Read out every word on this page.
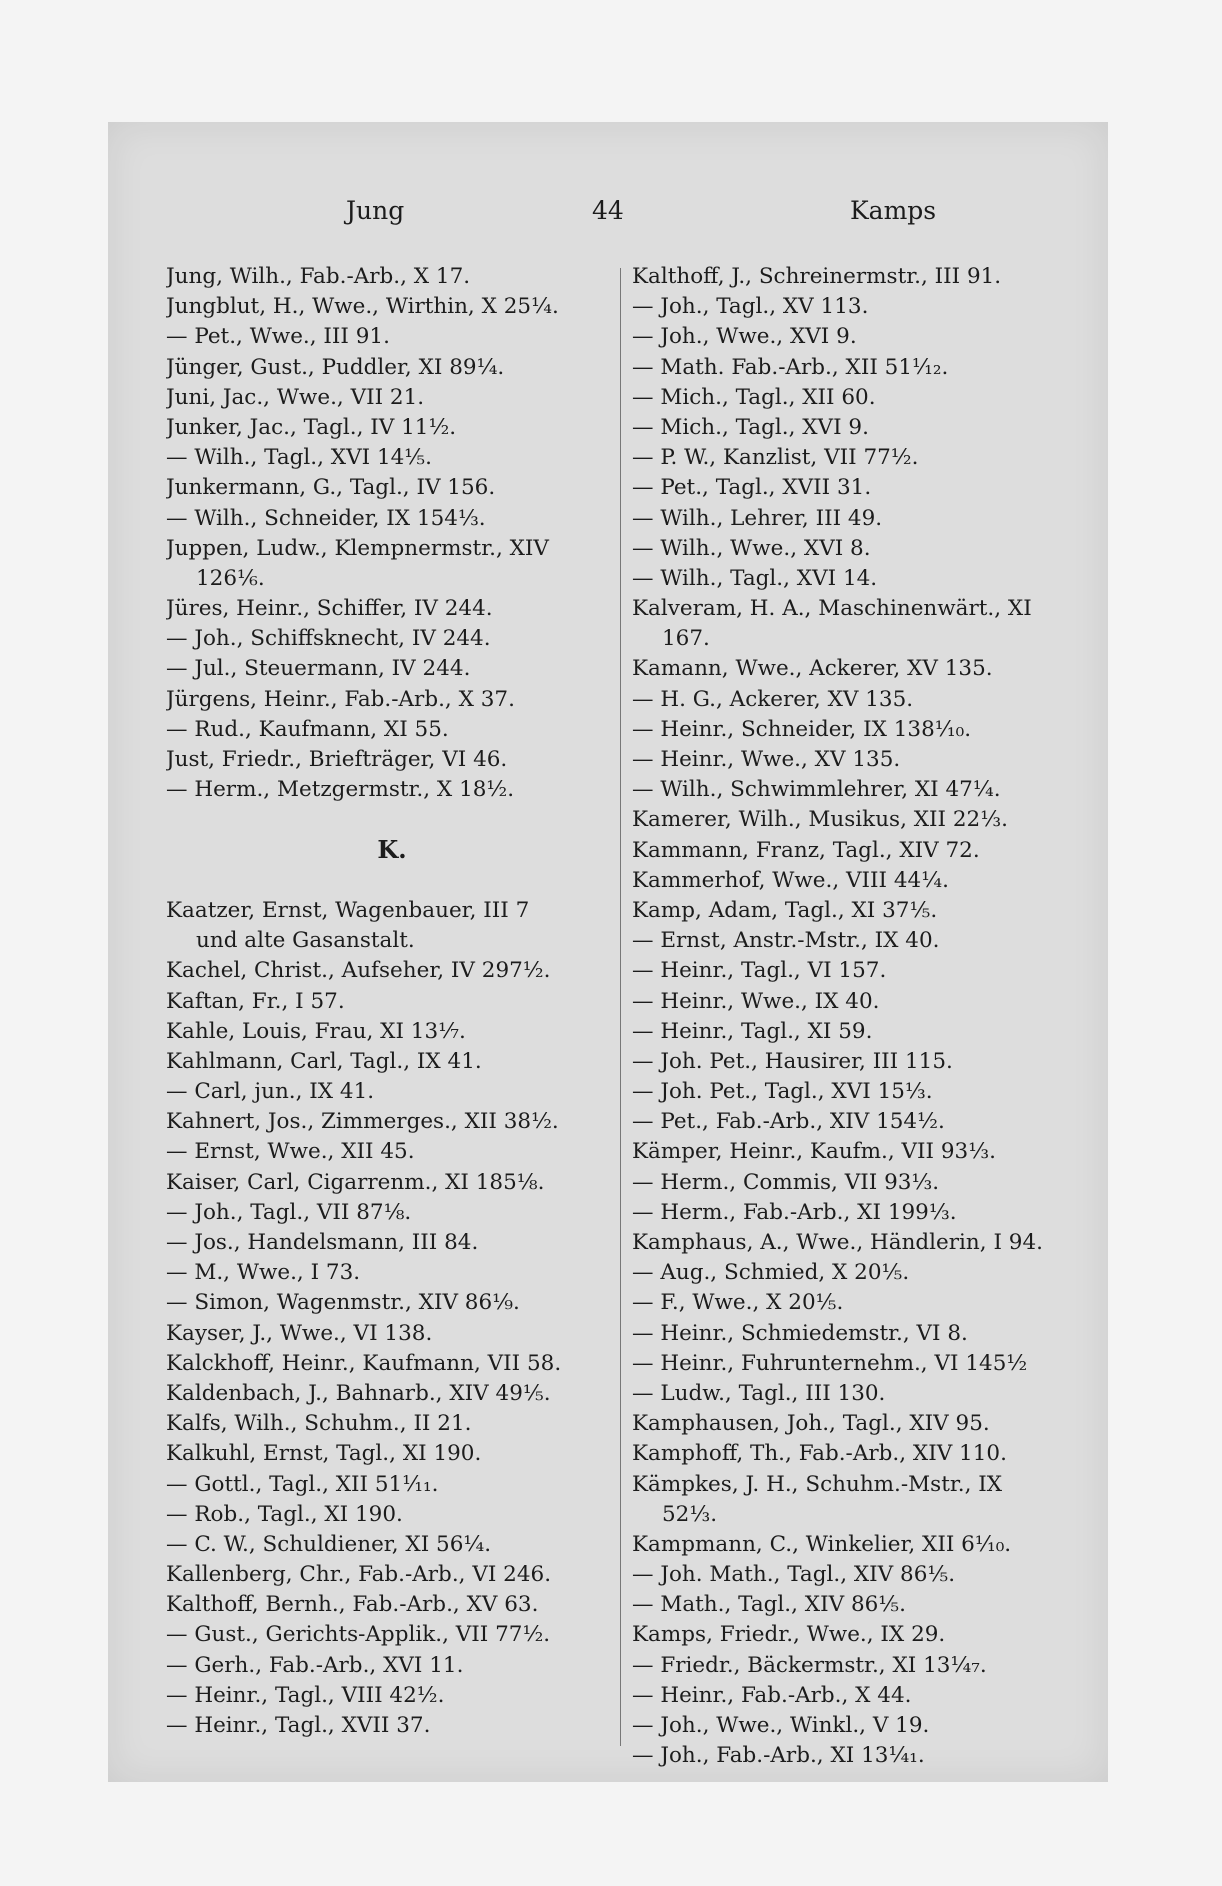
Jung	44	Kamps
Jung, Wilh., Fab.-Arb., X 17.
Jungblut, H., Wwe., Wirthin, X 25¼.
— Pet., Wwe., III 91.
Jünger, Gust., Puddler, XI 89¼.
Juni, Jac., Wwe., VII 21.
Junker, Jac., Tagl., IV 11½.
— Wilh., Tagl., XVI 14⅕.
Junkermann, G., Tagl., IV 156.
— Wilh., Schneider, IX 154⅓.
Juppen, Ludw., Klempnermstr., XIV
126⅙.
Jüres, Heinr., Schiffer, IV 244.
— Joh., Schiffsknecht, IV 244.
— Jul., Steuermann, IV 244.
Jürgens, Heinr., Fab.-Arb., X 37.
— Rud., Kaufmann, XI 55.
Just, Friedr., Briefträger, VI 46.
— Herm., Metzgermstr., X 18½.
K.
Kaatzer, Ernst, Wagenbauer, III 7
und alte Gasanstalt.
Kachel, Christ., Aufseher, IV 297½.
Kaftan, Fr., I 57.
Kahle, Louis, Frau, XI 13⅐.
Kahlmann, Carl, Tagl., IX 41.
— Carl, jun., IX 41.
Kahnert, Jos., Zimmerges., XII 38½.
— Ernst, Wwe., XII 45.
Kaiser, Carl, Cigarrenm., XI 185⅛.
— Joh., Tagl., VII 87⅛.
— Jos., Handelsmann, III 84.
— M., Wwe., I 73.
— Simon, Wagenmstr., XIV 86⅑.
Kayser, J., Wwe., VI 138.
Kalckhoff, Heinr., Kaufmann, VII 58.
Kaldenbach, J., Bahnarb., XIV 49⅕.
Kalfs, Wilh., Schuhm., II 21.
Kalkuhl, Ernst, Tagl., XI 190.
— Gottl., Tagl., XII 51¹⁄₁₁.
— Rob., Tagl., XI 190.
— C. W., Schuldiener, XI 56¼.
Kallenberg, Chr., Fab.-Arb., VI 246.
Kalthoff, Bernh., Fab.-Arb., XV 63.
— Gust., Gerichts-Applik., VII 77½.
— Gerh., Fab.-Arb., XVI 11.
— Heinr., Tagl., VIII 42½.
— Heinr., Tagl., XVII 37.
Kalthoff, J., Schreinermstr., III 91.
— Joh., Tagl., XV 113.
— Joh., Wwe., XVI 9.
— Math. Fab.-Arb., XII 51¹⁄₁₂.
— Mich., Tagl., XII 60.
— Mich., Tagl., XVI 9.
— P. W., Kanzlist, VII 77½.
— Pet., Tagl., XVII 31.
— Wilh., Lehrer, III 49.
— Wilh., Wwe., XVI 8.
— Wilh., Tagl., XVI 14.
Kalveram, H. A., Maschinenwärt., XI
167.
Kamann, Wwe., Ackerer, XV 135.
— H. G., Ackerer, XV 135.
— Heinr., Schneider, IX 138⅒.
— Heinr., Wwe., XV 135.
— Wilh., Schwimmlehrer, XI 47¼.
Kamerer, Wilh., Musikus, XII 22⅓.
Kammann, Franz, Tagl., XIV 72.
Kammerhof, Wwe., VIII 44¼.
Kamp, Adam, Tagl., XI 37⅕.
— Ernst, Anstr.-Mstr., IX 40.
— Heinr., Tagl., VI 157.
— Heinr., Wwe., IX 40.
— Heinr., Tagl., XI 59.
— Joh. Pet., Hausirer, III 115.
— Joh. Pet., Tagl., XVI 15⅓.
— Pet., Fab.-Arb., XIV 154½.
Kämper, Heinr., Kaufm., VII 93⅓.
— Herm., Commis, VII 93⅓.
— Herm., Fab.-Arb., XI 199⅓.
Kamphaus, A., Wwe., Händlerin, I 94.
— Aug., Schmied, X 20⅕.
— F., Wwe., X 20⅕.
— Heinr., Schmiedemstr., VI 8.
— Heinr., Fuhrunternehm., VI 145½
— Ludw., Tagl., III 130.
Kamphausen, Joh., Tagl., XIV 95.
Kamphoff, Th., Fab.-Arb., XIV 110.
Kämpkes, J. H., Schuhm.-Mstr., IX
52⅓.
Kampmann, C., Winkelier, XII 6⅒.
— Joh. Math., Tagl., XIV 86⅕.
— Math., Tagl., XIV 86⅕.
Kamps, Friedr., Wwe., IX 29.
— Friedr., Bäckermstr., XI 13¹⁄₄₇.
— Heinr., Fab.-Arb., X 44.
— Joh., Wwe., Winkl., V 19.
— Joh., Fab.-Arb., XI 13¹⁄₄₁.
